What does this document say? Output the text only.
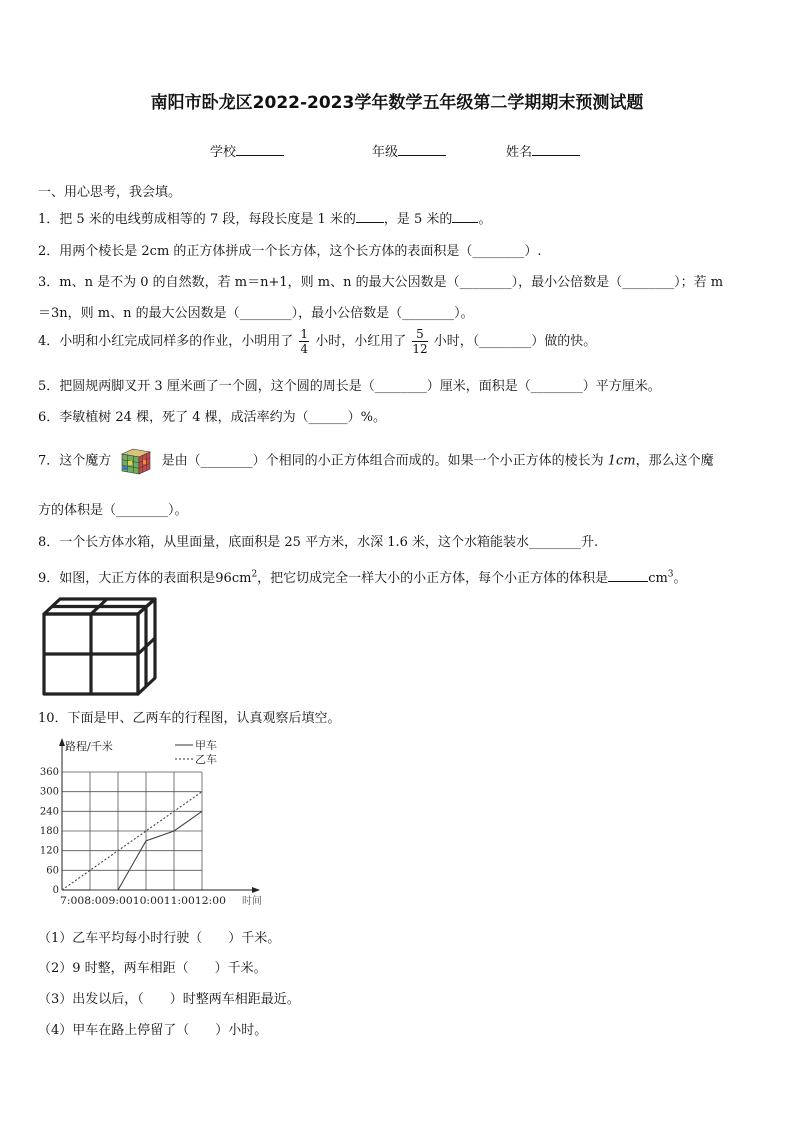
南阳市卧龙区2022-2023学年数学五年级第二学期期末预测试题
学校	年级	姓名
一、用心思考，我会填。
1．把 5 米的电线剪成相等的 7 段，每段长度是 1 米的 ，是 5 米的 。
2．用两个棱长是 2cm 的正方体拼成一个长方体，这个长方体的表面积是（________）.
3．m、n 是不为 0 的自然数，若 m＝n+1，则 m、n 的最大公因数是（________），最小公倍数是（________）；若 m
＝3n，则 m、n 的最大公因数是（________），最小公倍数是（________）。
4．小明和小红完成同样多的作业，小明用了 $\frac{1}{4}$ 小时，小红用了 $\frac{5}{12}$ 小时，（________）做的快。
5．把圆规两脚叉开 3 厘米画了一个圆，这个圆的周长是（________）厘米，面积是（________）平方厘米。
6．李敏植树 24 棵，死了 4 棵，成活率约为（______）%。
7．这个魔方	是由（________）个相同的小正方体组合而成的。如果一个小正方体的棱长为 1cm，那么这个魔
方的体积是（________）。
8．一个长方体水箱，从里面量，底面积是 25 平方米，水深 1.6 米，这个水箱能装水________升.
9．如图，大正方体的表面积是$96cm^2$，把它切成完全一样大小的小正方体，每个小正方体的体积是	$cm^3$。
10．下面是甲、乙两车的行程图，认真观察后填空。
0
60
120
180
240
300
360
7:008:009:0010:0011:0012:00
路程/千米
时间
甲车
乙车
（1）乙车平均每小时行驶（　　）千米。
（2）9 时整，两车相距（　　）千米。
（3）出发以后，（　　）时整两车相距最近。
（4）甲车在路上停留了（　　）小时。
